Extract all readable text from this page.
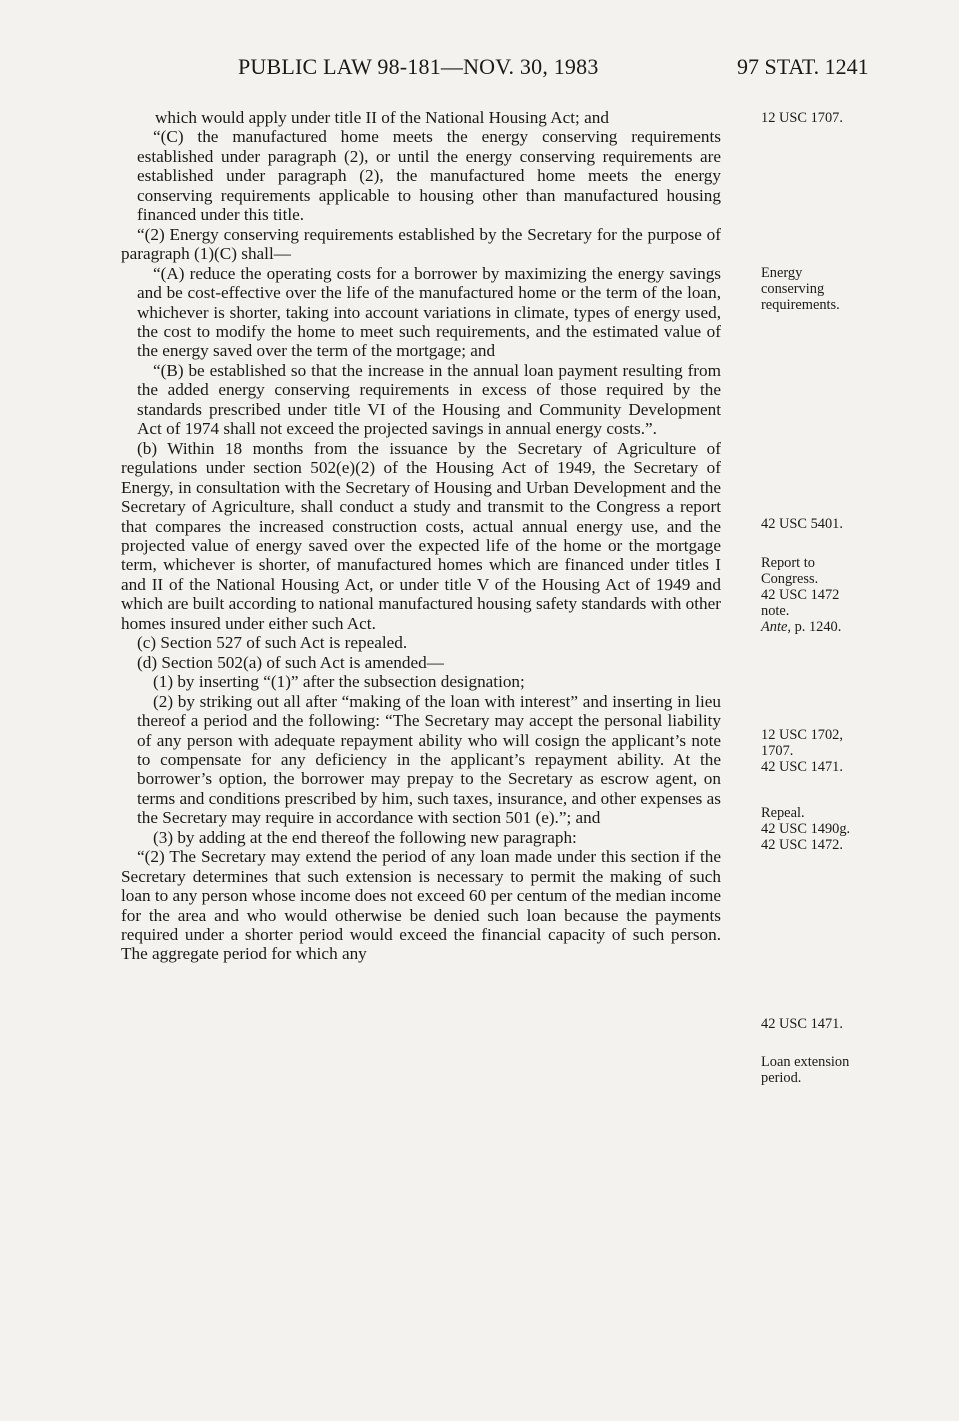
PUBLIC LAW 98-181—NOV. 30, 1983	97 STAT. 1241

which would apply under title II of the National Housing Act; and

“(C) the manufactured home meets the energy conserving requirements established under paragraph (2), or until the energy conserving requirements are established under paragraph (2), the manufactured home meets the energy conserving requirements applicable to housing other than manufactured housing financed under this title.

“(2) Energy conserving requirements established by the Secretary for the purpose of paragraph (1)(C) shall—

“(A) reduce the operating costs for a borrower by maximizing the energy savings and be cost-effective over the life of the manufactured home or the term of the loan, whichever is shorter, taking into account variations in climate, types of energy used, the cost to modify the home to meet such requirements, and the estimated value of the energy saved over the term of the mortgage; and

“(B) be established so that the increase in the annual loan payment resulting from the added energy conserving requirements in excess of those required by the standards prescribed under title VI of the Housing and Community Development Act of 1974 shall not exceed the projected savings in annual energy costs.”.

(b) Within 18 months from the issuance by the Secretary of Agriculture of regulations under section 502(e)(2) of the Housing Act of 1949, the Secretary of Energy, in consultation with the Secretary of Housing and Urban Development and the Secretary of Agriculture, shall conduct a study and transmit to the Congress a report that compares the increased construction costs, actual annual energy use, and the projected value of energy saved over the expected life of the home or the mortgage term, whichever is shorter, of manufactured homes which are financed under titles I and II of the National Housing Act, or under title V of the Housing Act of 1949 and which are built according to national manufactured housing safety standards with other homes insured under either such Act.

(c) Section 527 of such Act is repealed.

(d) Section 502(a) of such Act is amended—

(1) by inserting “(1)” after the subsection designation;

(2) by striking out all after “making of the loan with interest” and inserting in lieu thereof a period and the following: “The Secretary may accept the personal liability of any person with adequate repayment ability who will cosign the applicant’s note to compensate for any deficiency in the applicant’s repayment ability. At the borrower’s option, the borrower may prepay to the Secretary as escrow agent, on terms and conditions prescribed by him, such taxes, insurance, and other expenses as the Secretary may require in accordance with section 501 (e).”; and

(3) by adding at the end thereof the following new paragraph:

“(2) The Secretary may extend the period of any loan made under this section if the Secretary determines that such extension is necessary to permit the making of such loan to any person whose income does not exceed 60 per centum of the median income for the area and who would otherwise be denied such loan because the payments required under a shorter period would exceed the financial capacity of such person. The aggregate period for which any

12 USC 1707.
Energy
conserving
requirements.
42 USC 5401.
Report to
Congress.
42 USC 1472
note.
Ante, p. 1240.
12 USC 1702,
1707.
42 USC 1471.
Repeal.
42 USC 1490g.
42 USC 1472.
42 USC 1471.
Loan extension
period.
